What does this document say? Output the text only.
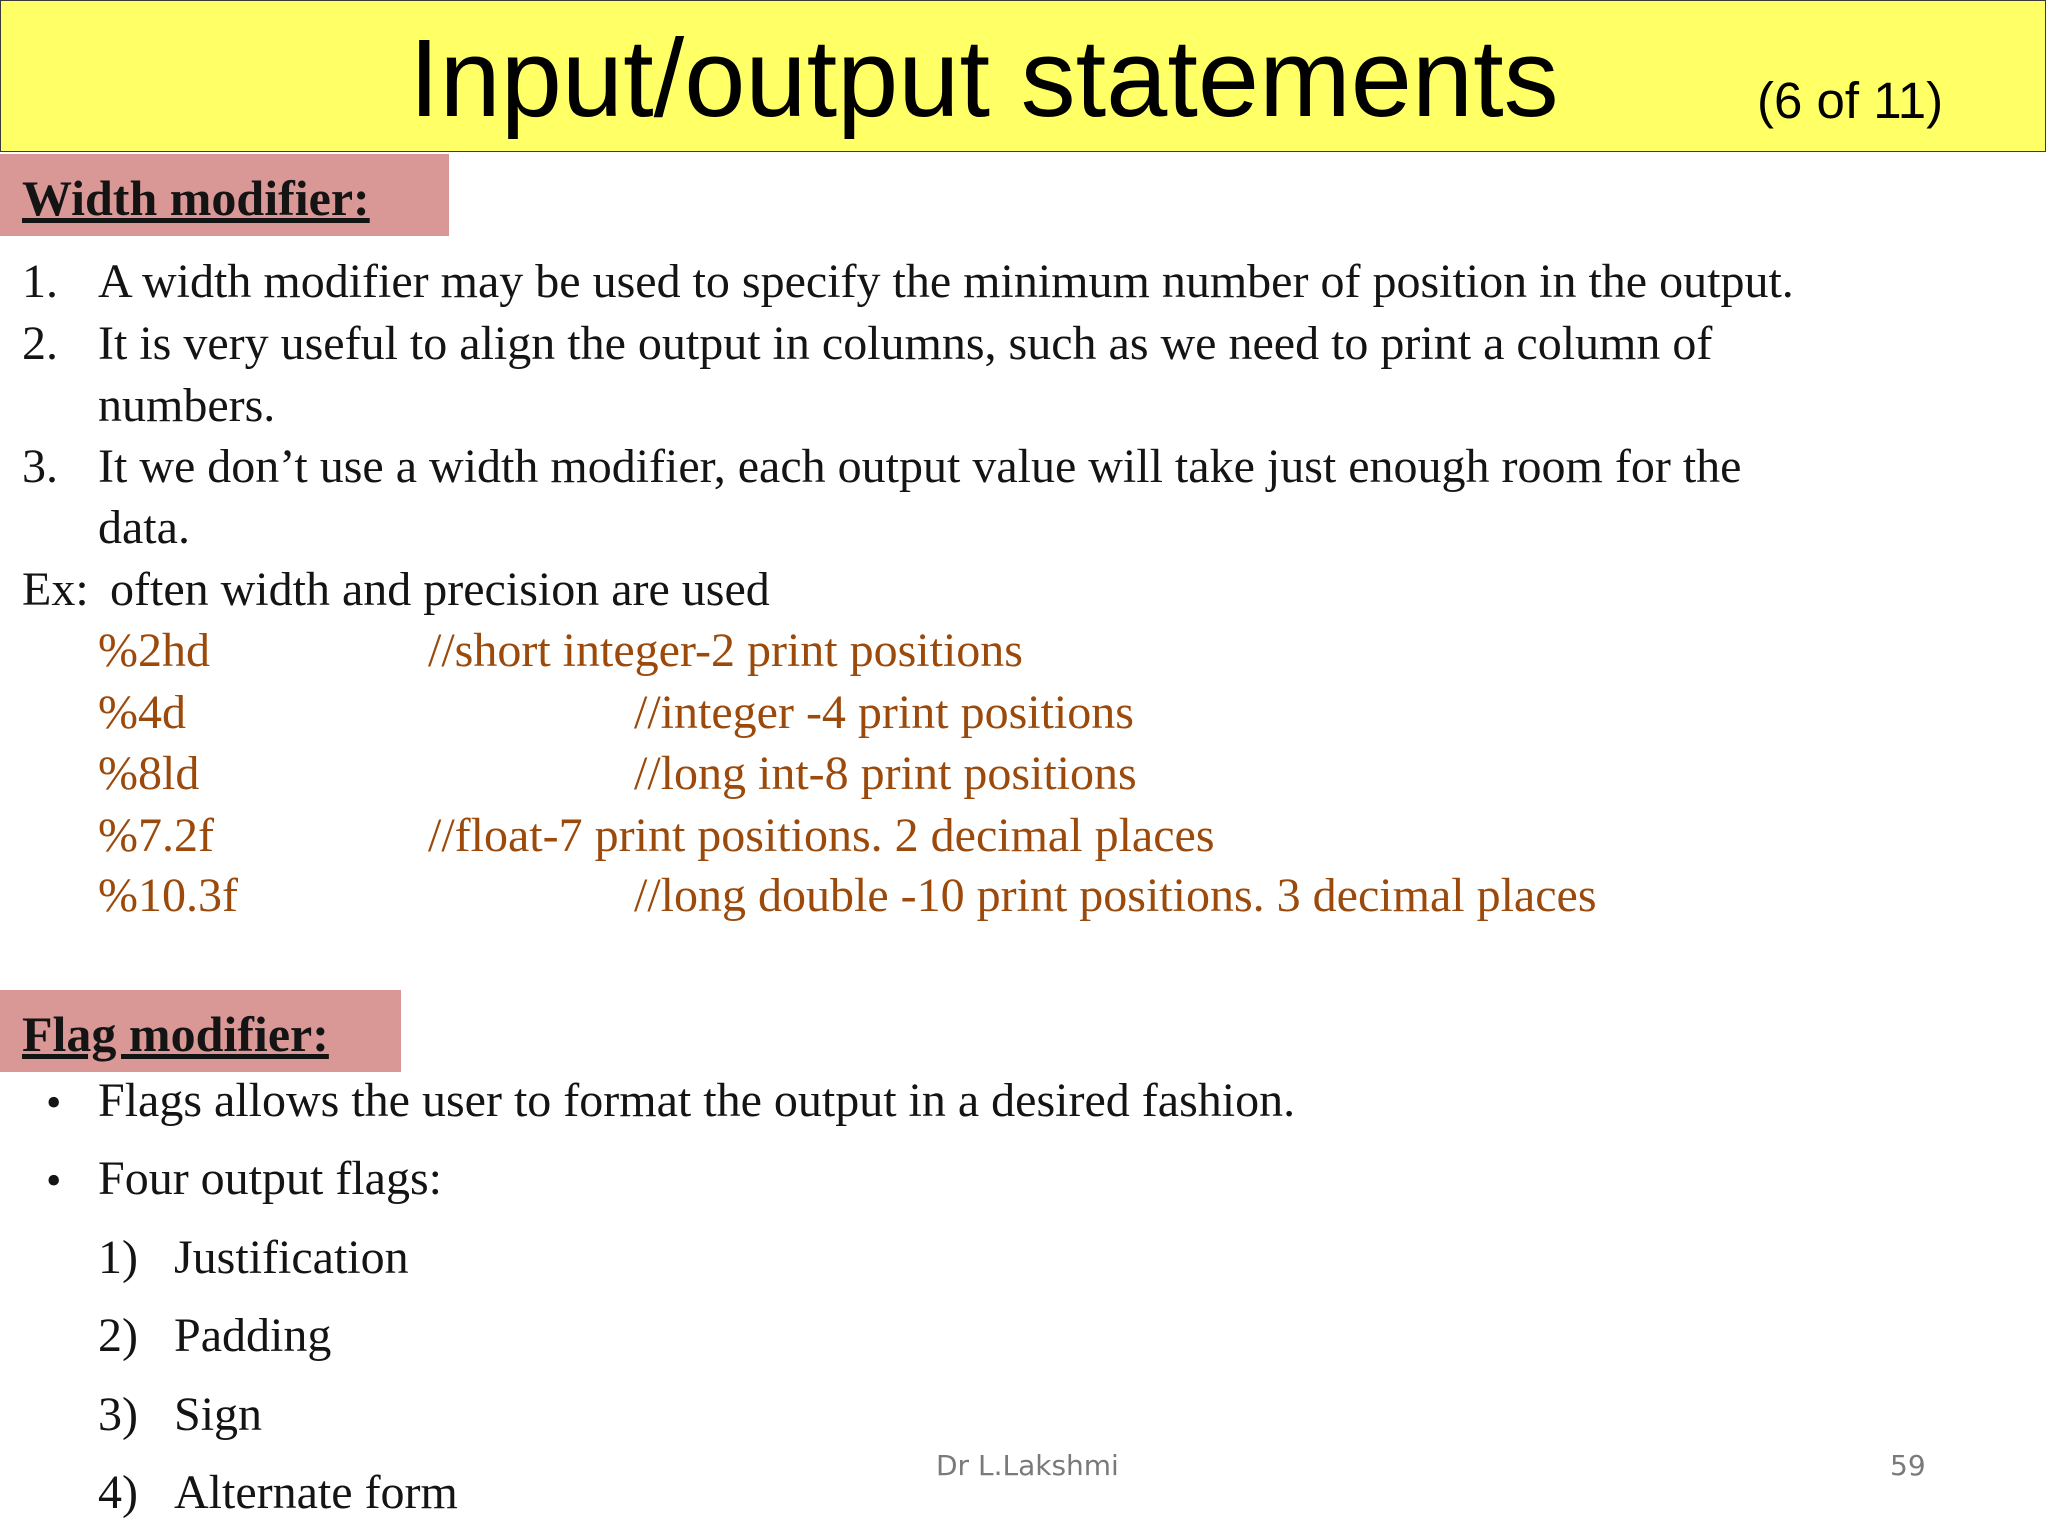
Input/output statements	(6 of 11)
Width modifier:
1. A width modifier may be used to specify the minimum number of position in the output.
2. It is very useful to align the output in columns, such as we need to print a column of
numbers.
3. It we don’t use a width modifier, each output value will take just enough room for the
data.
Ex: often width and precision are used
%2hd	//short integer-2 print positions
%4d	//integer -4 print positions
%8ld	//long int-8 print positions
%7.2f	//float-7 print positions. 2 decimal places
%10.3f	//long double -10 print positions. 3 decimal places
Flag modifier:
• Flags allows the user to format the output in a desired fashion.
• Four output flags:
1) Justification
2) Padding
3) Sign
4) Alternate form
Dr L.Lakshmi	59
